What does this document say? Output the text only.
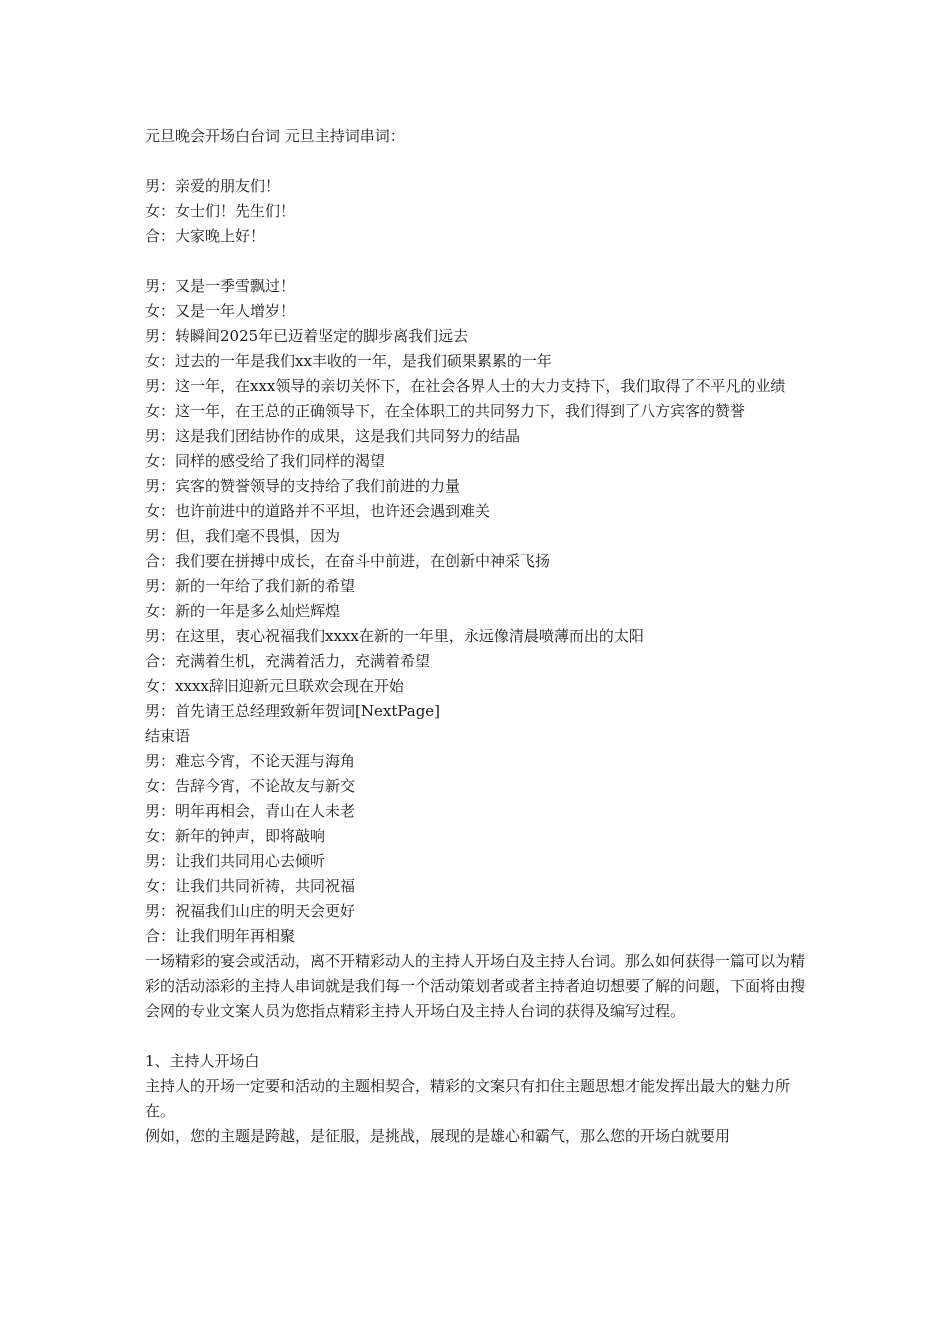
元旦晚会开场白台词 元旦主持词串词：
男：亲爱的朋友们！
女：女士们！先生们！
合：大家晚上好！
男：又是一季雪飘过！
女：又是一年人增岁！
男：转瞬间2025年已迈着坚定的脚步离我们远去
女：过去的一年是我们xx丰收的一年，是我们硕果累累的一年
男：这一年，在xxx领导的亲切关怀下，在社会各界人士的大力支持下，我们取得了不平凡的业绩
女：这一年，在王总的正确领导下，在全体职工的共同努力下，我们得到了八方宾客的赞誉
男：这是我们团结协作的成果，这是我们共同努力的结晶
女：同样的感受给了我们同样的渴望
男：宾客的赞誉领导的支持给了我们前进的力量
女：也许前进中的道路并不平坦，也许还会遇到难关
男：但，我们毫不畏惧，因为
合：我们要在拼搏中成长，在奋斗中前进，在创新中神采飞扬
男：新的一年给了我们新的希望
女：新的一年是多么灿烂辉煌
男：在这里，衷心祝福我们xxxx在新的一年里，永远像清晨喷薄而出的太阳
合：充满着生机，充满着活力，充满着希望
女：xxxx辞旧迎新元旦联欢会现在开始
男：首先请王总经理致新年贺词[NextPage]
结束语
男：难忘今宵，不论天涯与海角
女：告辞今宵，不论故友与新交
男：明年再相会，青山在人未老
女：新年的钟声，即将敲响
男：让我们共同用心去倾听
女：让我们共同祈祷，共同祝福
男：祝福我们山庄的明天会更好
合：让我们明年再相聚
一场精彩的宴会或活动，离不开精彩动人的主持人开场白及主持人台词。那么如何获得一篇可以为精彩的活动添彩的主持人串词就是我们每一个活动策划者或者主持者迫切想要了解的问题，下面将由搜会网的专业文案人员为您指点精彩主持人开场白及主持人台词的获得及编写过程。
1、主持人开场白
主持人的开场一定要和活动的主题相契合，精彩的文案只有扣住主题思想才能发挥出最大的魅力所在。
例如，您的主题是跨越，是征服，是挑战，展现的是雄心和霸气，那么您的开场白就要用
